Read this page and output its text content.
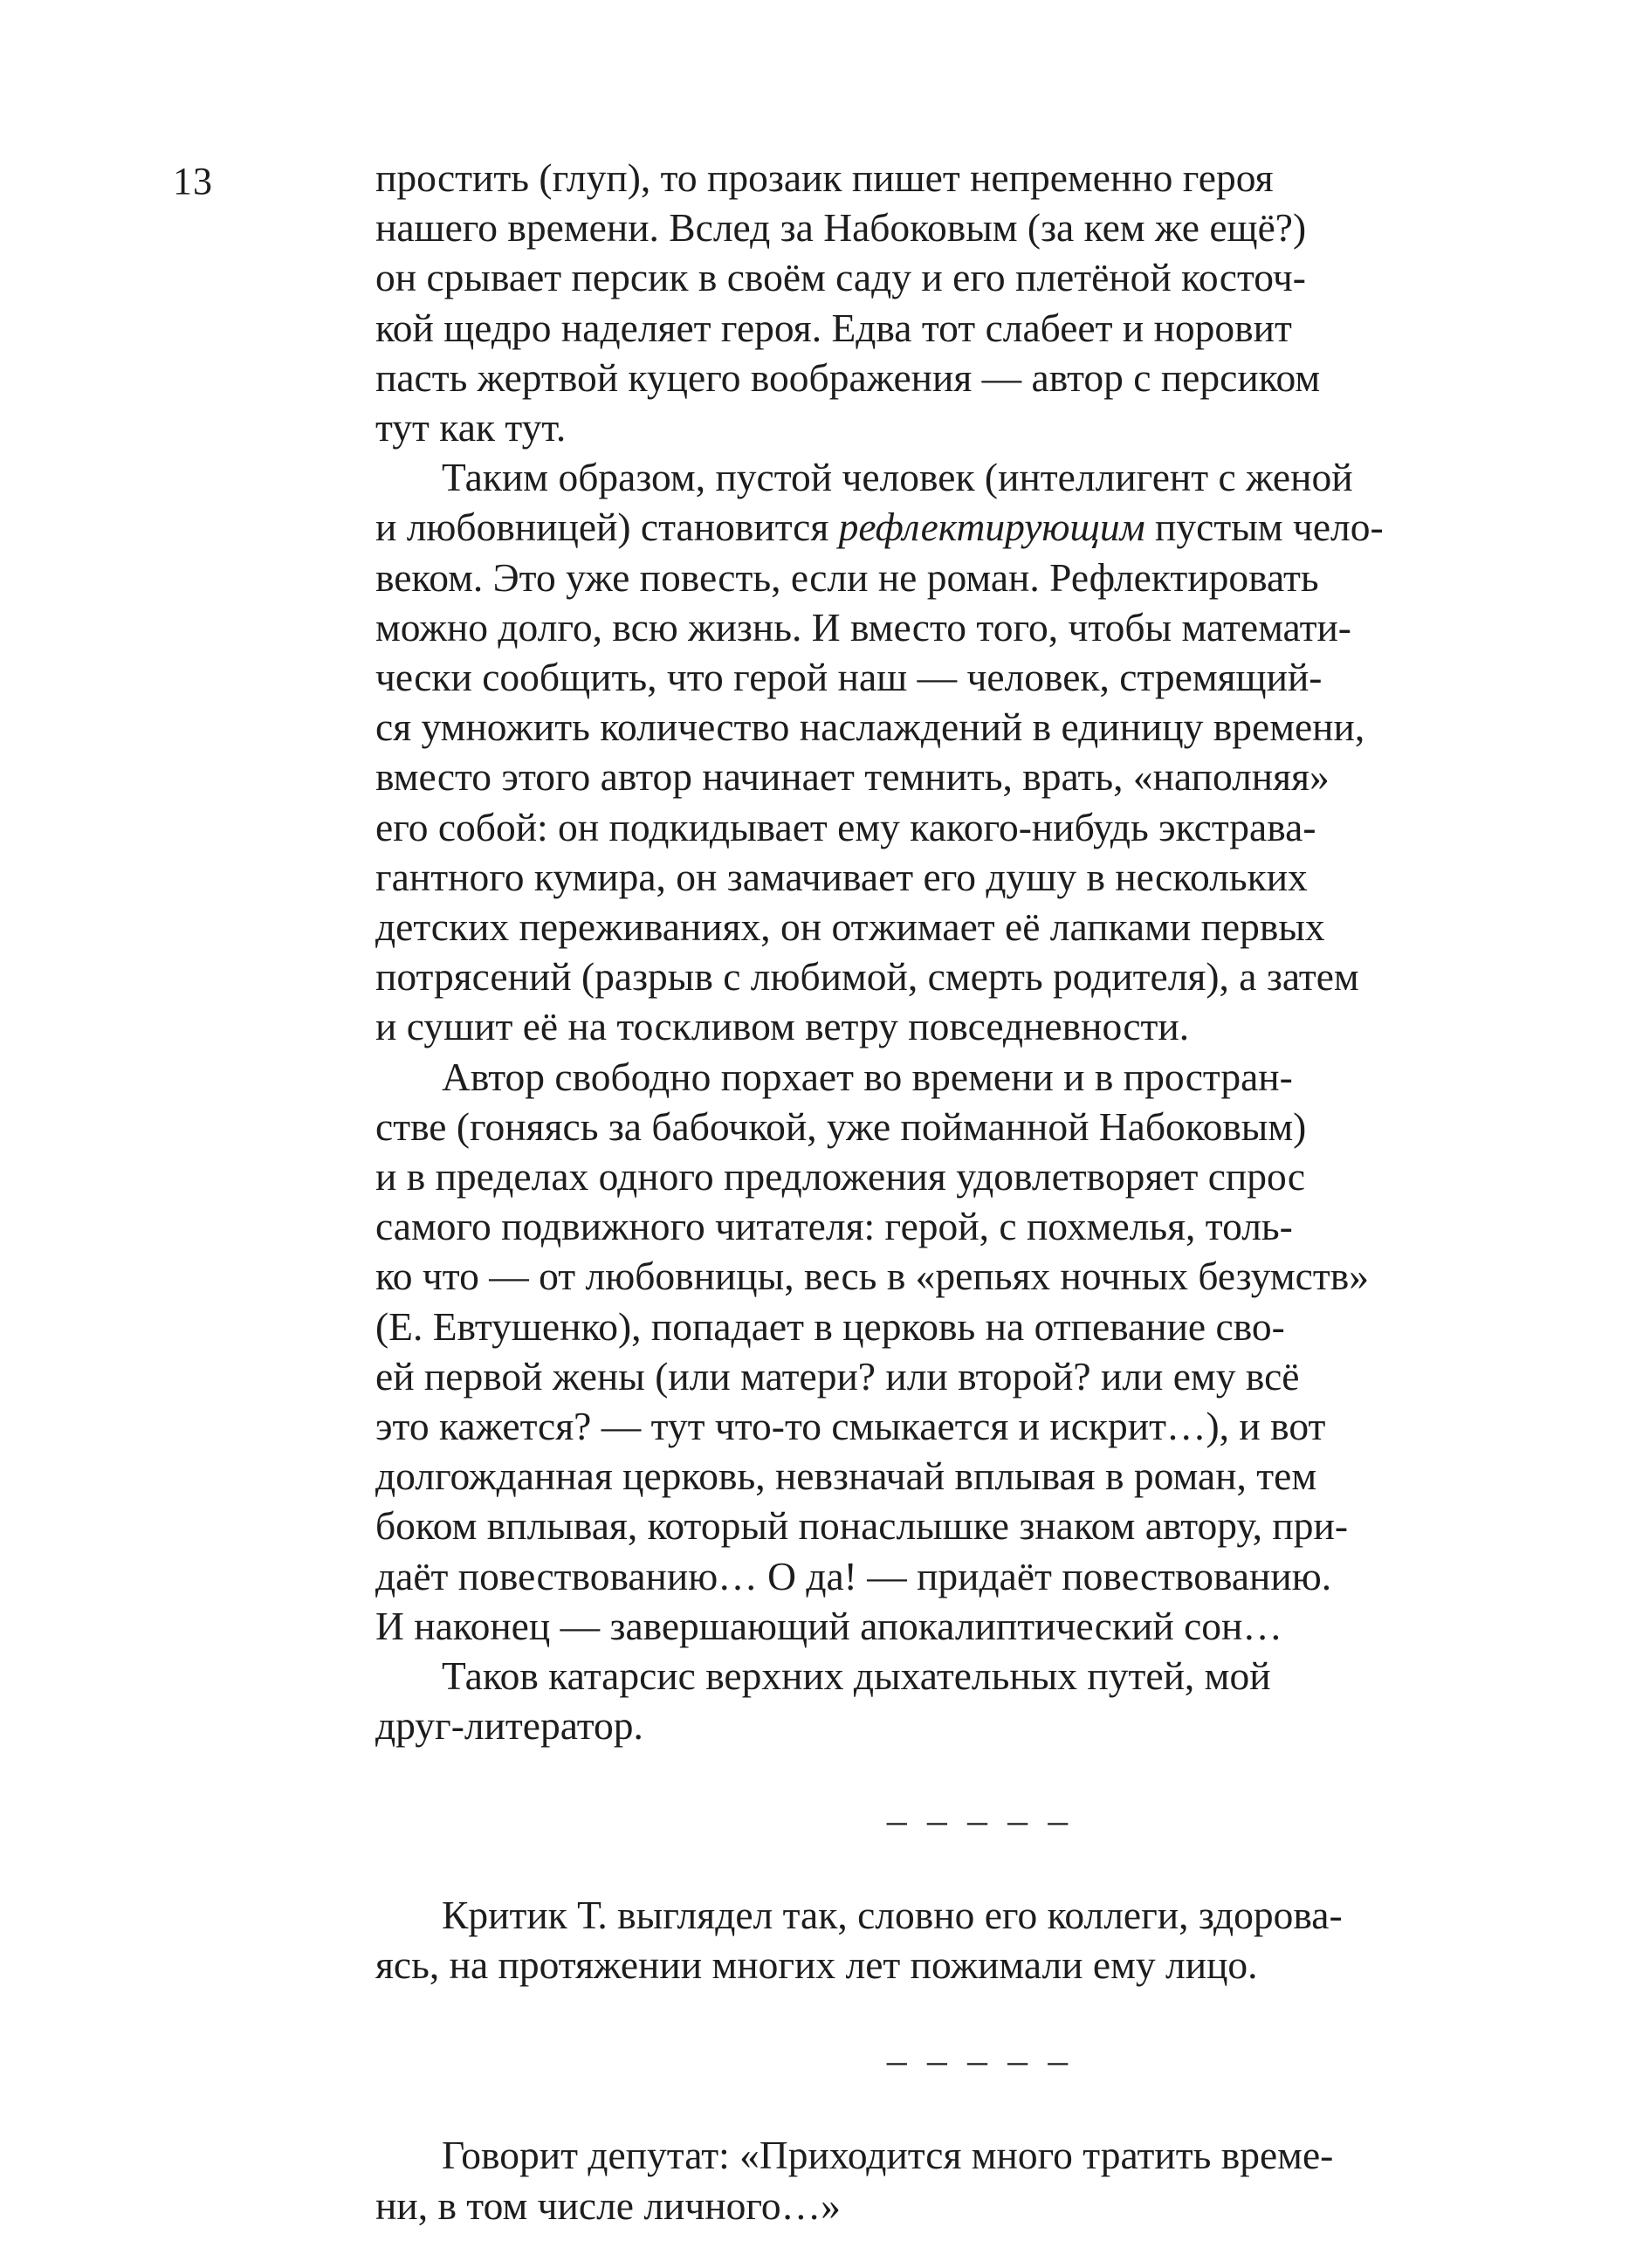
13	простить (глуп), то прозаик пишет непременно героя
нашего времени. Вслед за Набоковым (за кем же ещё?)
он срывает персик в своём саду и его плетёной косточ-
кой щедро наделяет героя. Едва тот слабеет и норовит
пасть жертвой куцего воображения — автор с персиком
тут как тут.
Таким образом, пустой человек (интеллигент с женой
и любовницей) становится рефлектирующим пустым чело-
веком. Это уже повесть, если не роман. Рефлектировать
можно долго, всю жизнь. И вместо того, чтобы математи-
чески сообщить, что герой наш — человек, стремящий-
ся умножить количество наслаждений в единицу времени,
вместо этого автор начинает темнить, врать, «наполняя»
его собой: он подкидывает ему какого-нибудь экстрава-
гантного кумира, он замачивает его душу в нескольких
детских переживаниях, он отжимает её лапками первых
потрясений (разрыв с любимой, смерть родителя), а затем
и сушит её на тоскливом ветру повседневности.
Автор свободно порхает во времени и в простран-
стве (гоняясь за бабочкой, уже пойманной Набоковым)
и в пределах одного предложения удовлетворяет спрос
самого подвижного читателя: герой, с похмелья, толь-
ко что — от любовницы, весь в «репьях ночных безумств»
(Е. Евтушенко), попадает в церковь на отпевание сво-
ей первой жены (или матери? или второй? или ему всё
это кажется? — тут что-то смыкается и искрит…), и вот
долгожданная церковь, невзначай вплывая в роман, тем
боком вплывая, который понаслышке знаком автору, при-
даёт повествованию… О да! — придаёт повествованию.
И наконец — завершающий апокалиптический сон…
Таков катарсис верхних дыхательных путей, мой
друг-литератор.
– – – – –
Критик Т. выглядел так, словно его коллеги, здорова-
ясь, на протяжении многих лет пожимали ему лицо.
– – – – –
Говорит депутат: «Приходится много тратить време-
ни, в том числе личного…»
